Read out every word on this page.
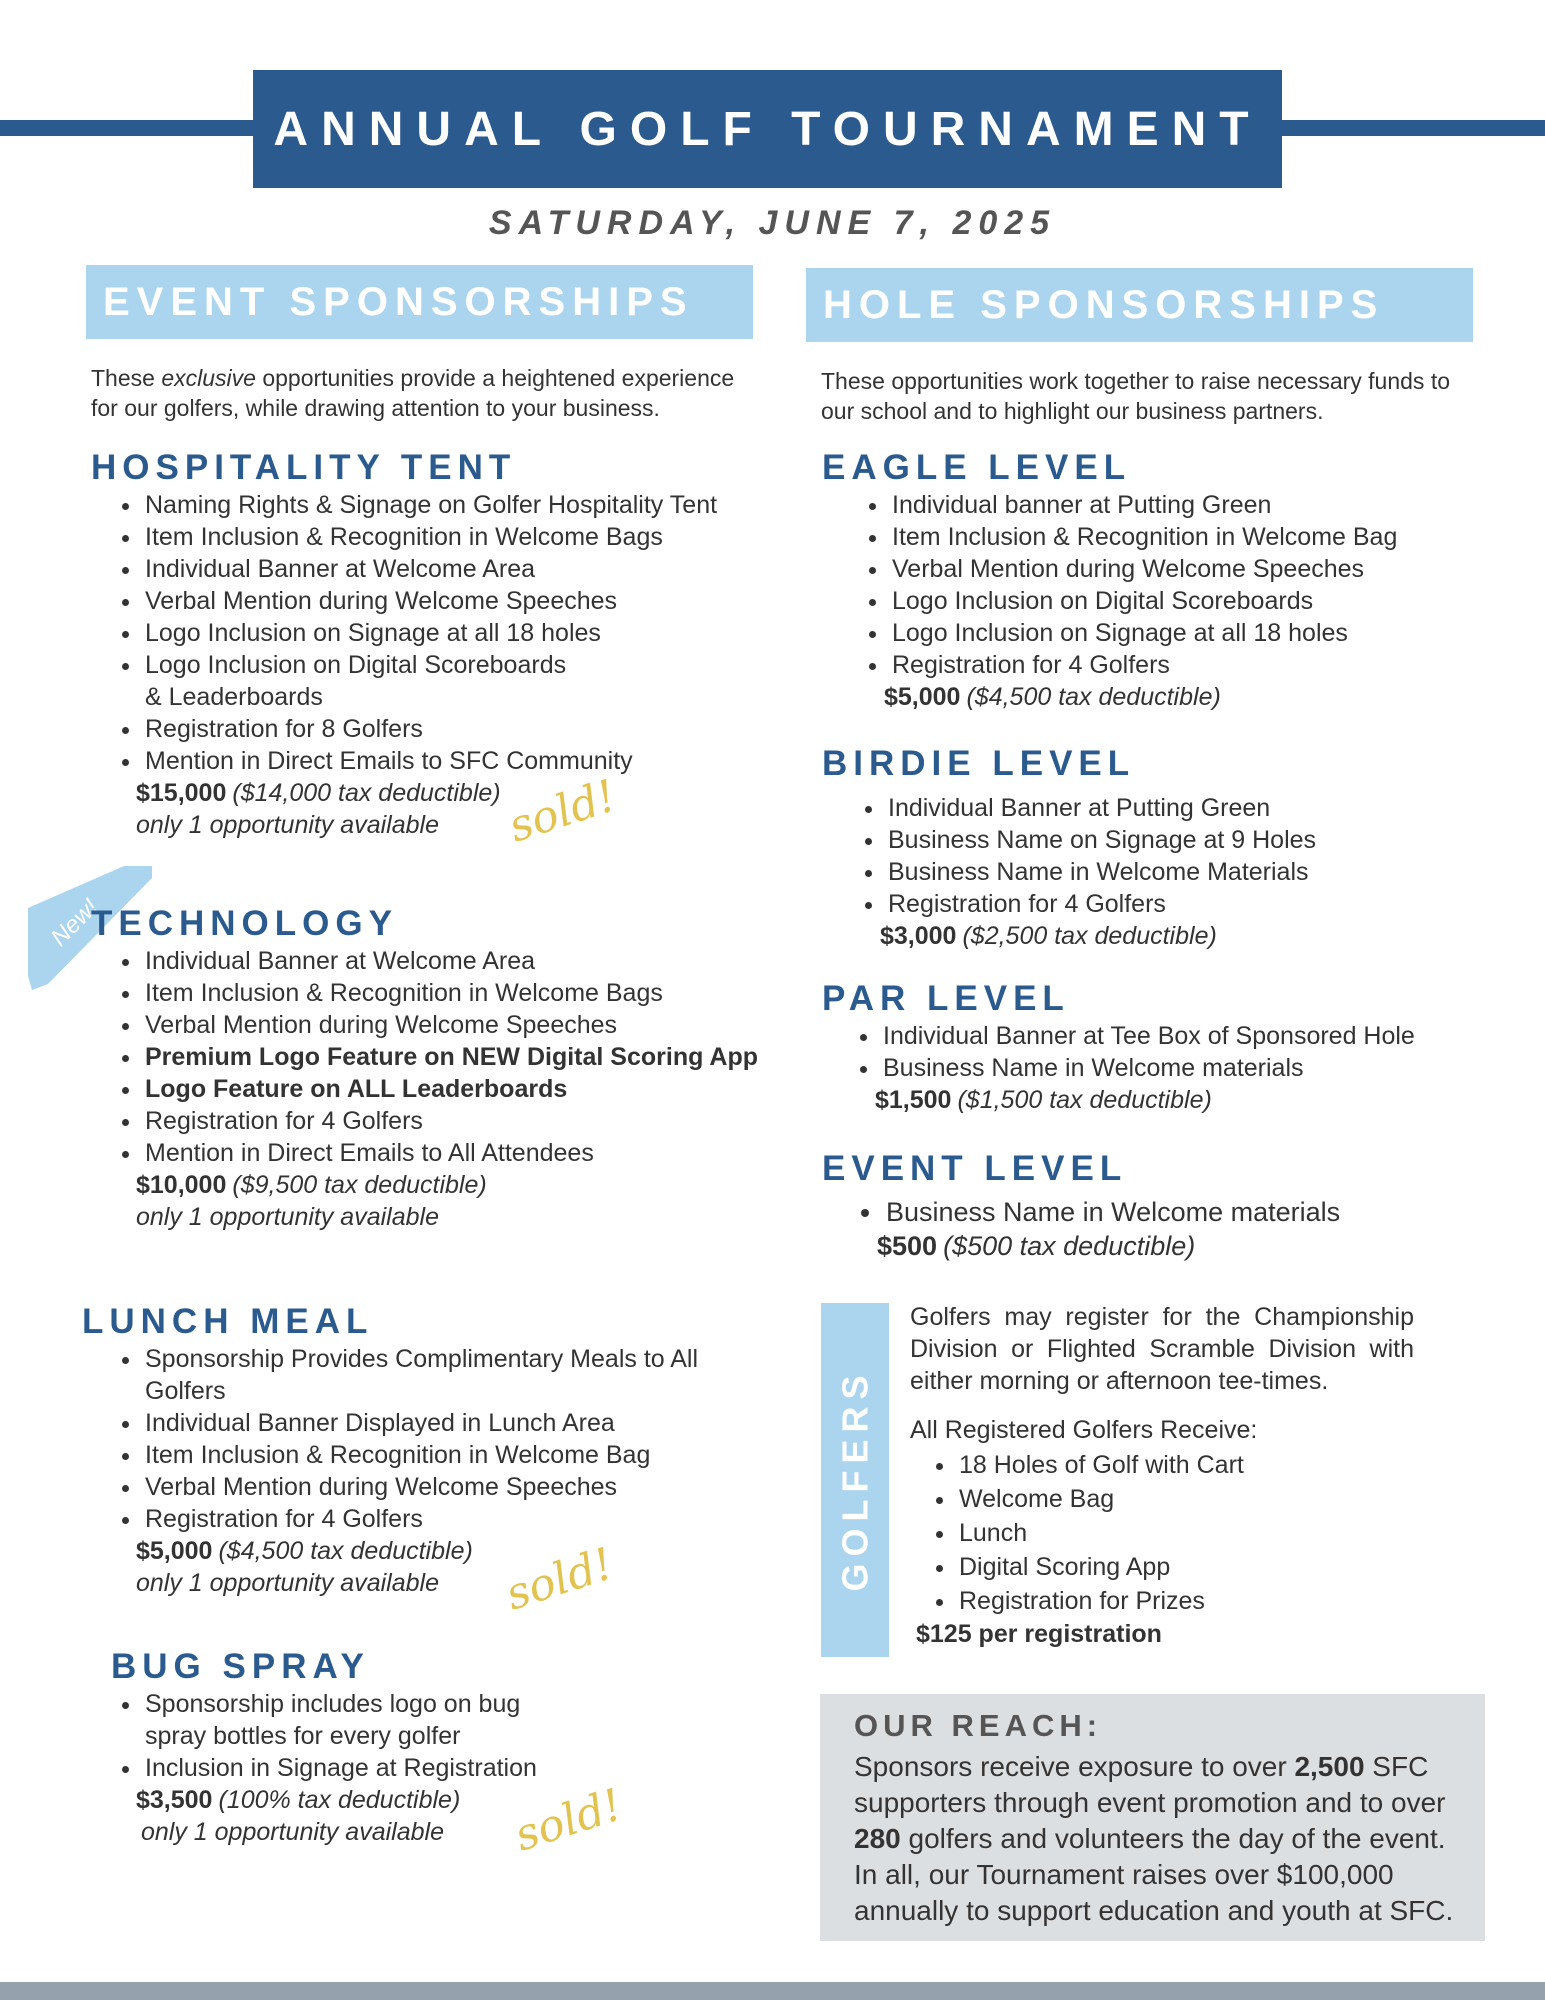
ANNUAL GOLF TOURNAMENT
SATURDAY, JUNE 7, 2025
EVENT SPONSORSHIPS
These exclusive opportunities provide a heightened experience for our golfers, while drawing attention to your business.
HOSPITALITY TENT
• Naming Rights & Signage on Golfer Hospitality Tent
• Item Inclusion & Recognition in Welcome Bags
• Individual Banner at Welcome Area
• Verbal Mention during Welcome Speeches
• Logo Inclusion on Signage at all 18 holes
• Logo Inclusion on Digital Scoreboards & Leaderboards
• Registration for 8 Golfers
• Mention in Direct Emails to SFC Community
$15,000 ($14,000 tax deductible)
only 1 opportunity available	sold!
New!
TECHNOLOGY
• Individual Banner at Welcome Area
• Item Inclusion & Recognition in Welcome Bags
• Verbal Mention during Welcome Speeches
• Premium Logo Feature on NEW Digital Scoring App
• Logo Feature on ALL Leaderboards
• Registration for 4 Golfers
• Mention in Direct Emails to All Attendees
$10,000 ($9,500 tax deductible)
only 1 opportunity available
LUNCH MEAL
• Sponsorship Provides Complimentary Meals to All Golfers
• Individual Banner Displayed in Lunch Area
• Item Inclusion & Recognition in Welcome Bag
• Verbal Mention during Welcome Speeches
• Registration for 4 Golfers
$5,000 ($4,500 tax deductible)
only 1 opportunity available	sold!
BUG SPRAY
• Sponsorship includes logo on bug spray bottles for every golfer
• Inclusion in Signage at Registration
$3,500 (100% tax deductible)
only 1 opportunity available	sold!
HOLE SPONSORSHIPS
These opportunities work together to raise necessary funds to our school and to highlight our business partners.
EAGLE LEVEL
• Individual banner at Putting Green
• Item Inclusion & Recognition in Welcome Bag
• Verbal Mention during Welcome Speeches
• Logo Inclusion on Digital Scoreboards
• Logo Inclusion on Signage at all 18 holes
• Registration for 4 Golfers
$5,000 ($4,500 tax deductible)
BIRDIE LEVEL
• Individual Banner at Putting Green
• Business Name on Signage at 9 Holes
• Business Name in Welcome Materials
• Registration for 4 Golfers
$3,000 ($2,500 tax deductible)
PAR LEVEL
• Individual Banner at Tee Box of Sponsored Hole
• Business Name in Welcome materials
$1,500 ($1,500 tax deductible)
EVENT LEVEL
• Business Name in Welcome materials
$500 ($500 tax deductible)
GOLFERS
Golfers may register for the Championship Division or Flighted Scramble Division with either morning or afternoon tee-times.
All Registered Golfers Receive:
• 18 Holes of Golf with Cart
• Welcome Bag
• Lunch
• Digital Scoring App
• Registration for Prizes
$125 per registration
OUR REACH:
Sponsors receive exposure to over 2,500 SFC supporters through event promotion and to over 280 golfers and volunteers the day of the event. In all, our Tournament raises over $100,000 annually to support education and youth at SFC.
